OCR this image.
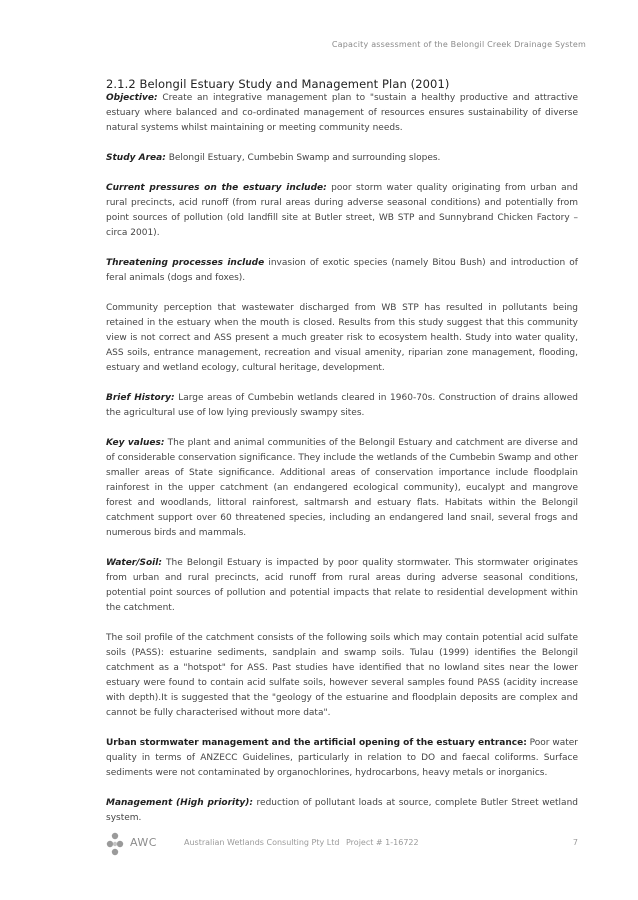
Capacity assessment of the Belongil Creek Drainage System
2.1.2 Belongil Estuary Study and Management Plan (2001)

Objective: Create an integrative management plan to "sustain a healthy productive and attractive estuary where balanced and co-ordinated management of resources ensures sustainability of diverse natural systems whilst maintaining or meeting community needs.

Study Area: Belongil Estuary, Cumbebin Swamp and surrounding slopes.

Current pressures on the estuary include: poor storm water quality originating from urban and rural precincts, acid runoff (from rural areas during adverse seasonal conditions) and potentially from point sources of pollution (old landfill site at Butler street, WB STP and Sunnybrand Chicken Factory – circa 2001).

Threatening processes include invasion of exotic species (namely Bitou Bush) and introduction of feral animals (dogs and foxes).

Community perception that wastewater discharged from WB STP has resulted in pollutants being retained in the estuary when the mouth is closed. Results from this study suggest that this community view is not correct and ASS present a much greater risk to ecosystem health. Study into water quality, ASS soils, entrance management, recreation and visual amenity, riparian zone management, flooding, estuary and wetland ecology, cultural heritage, development.

Brief History: Large areas of Cumbebin wetlands cleared in 1960-70s. Construction of drains allowed the agricultural use of low lying previously swampy sites.

Key values: The plant and animal communities of the Belongil Estuary and catchment are diverse and of considerable conservation significance. They include the wetlands of the Cumbebin Swamp and other smaller areas of State significance. Additional areas of conservation importance include floodplain rainforest in the upper catchment (an endangered ecological community), eucalypt and mangrove forest and woodlands, littoral rainforest, saltmarsh and estuary flats. Habitats within the Belongil catchment support over 60 threatened species, including an endangered land snail, several frogs and numerous birds and mammals.

Water/Soil: The Belongil Estuary is impacted by poor quality stormwater. This stormwater originates from urban and rural precincts, acid runoff from rural areas during adverse seasonal conditions, potential point sources of pollution and potential impacts that relate to residential development within the catchment.

The soil profile of the catchment consists of the following soils which may contain potential acid sulfate soils (PASS): estuarine sediments, sandplain and swamp soils. Tulau (1999) identifies the Belongil catchment as a "hotspot" for ASS. Past studies have identified that no lowland sites near the lower estuary were found to contain acid sulfate soils, however several samples found PASS (acidity increase with depth).It is suggested that the "geology of the estuarine and floodplain deposits are complex and cannot be fully characterised without more data".

Urban stormwater management and the artificial opening of the estuary entrance: Poor water quality in terms of ANZECC Guidelines, particularly in relation to DO and faecal coliforms. Surface sediments were not contaminated by organochlorines, hydrocarbons, heavy metals or inorganics.

Management (High priority): reduction of pollutant loads at source, complete Butler Street wetland system.

AWC	Australian Wetlands Consulting Pty Ltd Project # 1-16722	7
